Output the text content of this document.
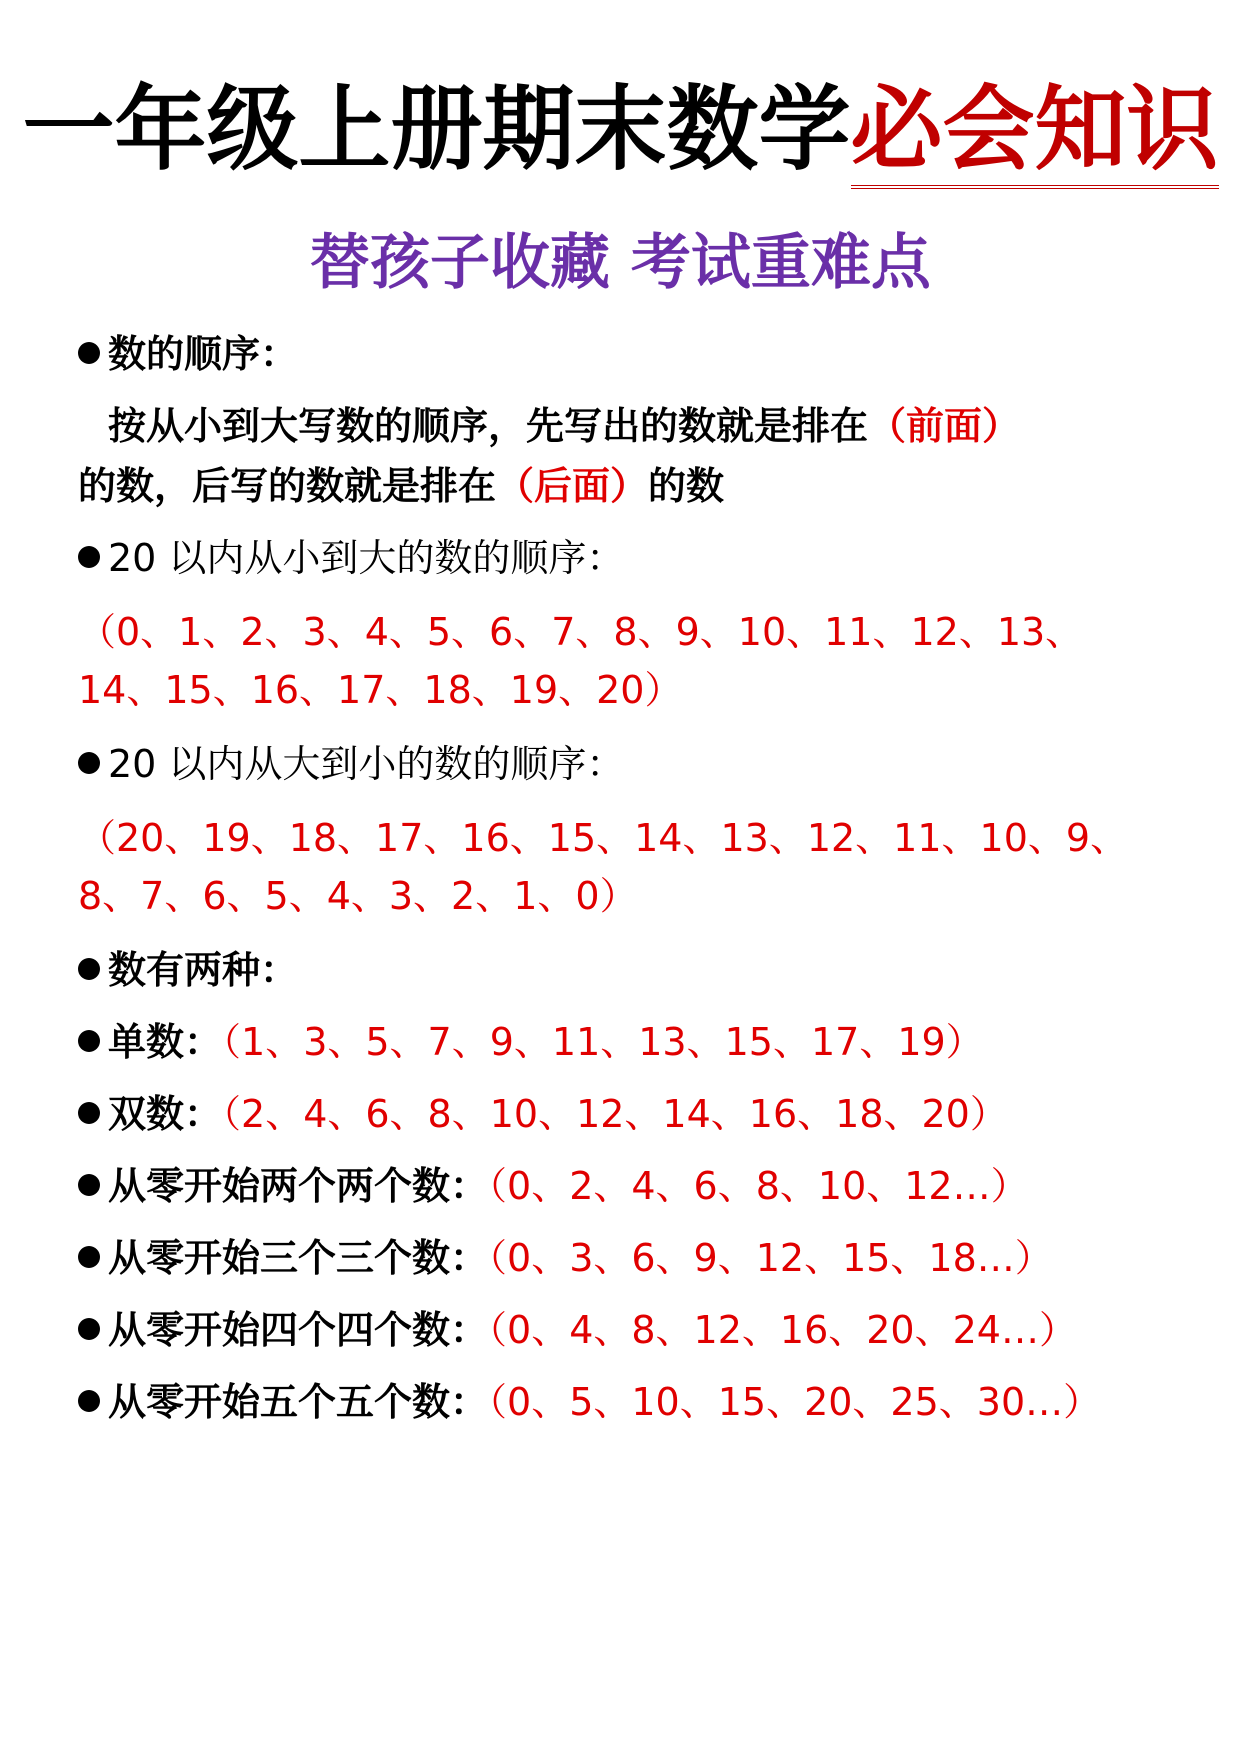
一年级上册期末数学必会知识
替孩子收藏 考试重难点
数的顺序：
按从小到大写数的顺序，先写出的数就是排在（前面）
的数，后写的数就是排在（后面）的数
20 以内从小到大的数的顺序：
（0、1、2、3、4、5、6、7、8、9、10、11、12、13、
14、15、16、17、18、19、20）
20 以内从大到小的数的顺序：
（20、19、18、17、16、15、14、13、12、11、10、9、
8、7、6、5、4、3、2、1、0）
数有两种：
单数：（1、3、5、7、9、11、13、15、17、19）
双数：（2、4、6、8、10、12、14、16、18、20）
从零开始两个两个数：（0、2、4、6、8、10、12…）
从零开始三个三个数：（0、3、6、9、12、15、18…）
从零开始四个四个数：（0、4、8、12、16、20、24…）
从零开始五个五个数：（0、5、10、15、20、25、30…）
